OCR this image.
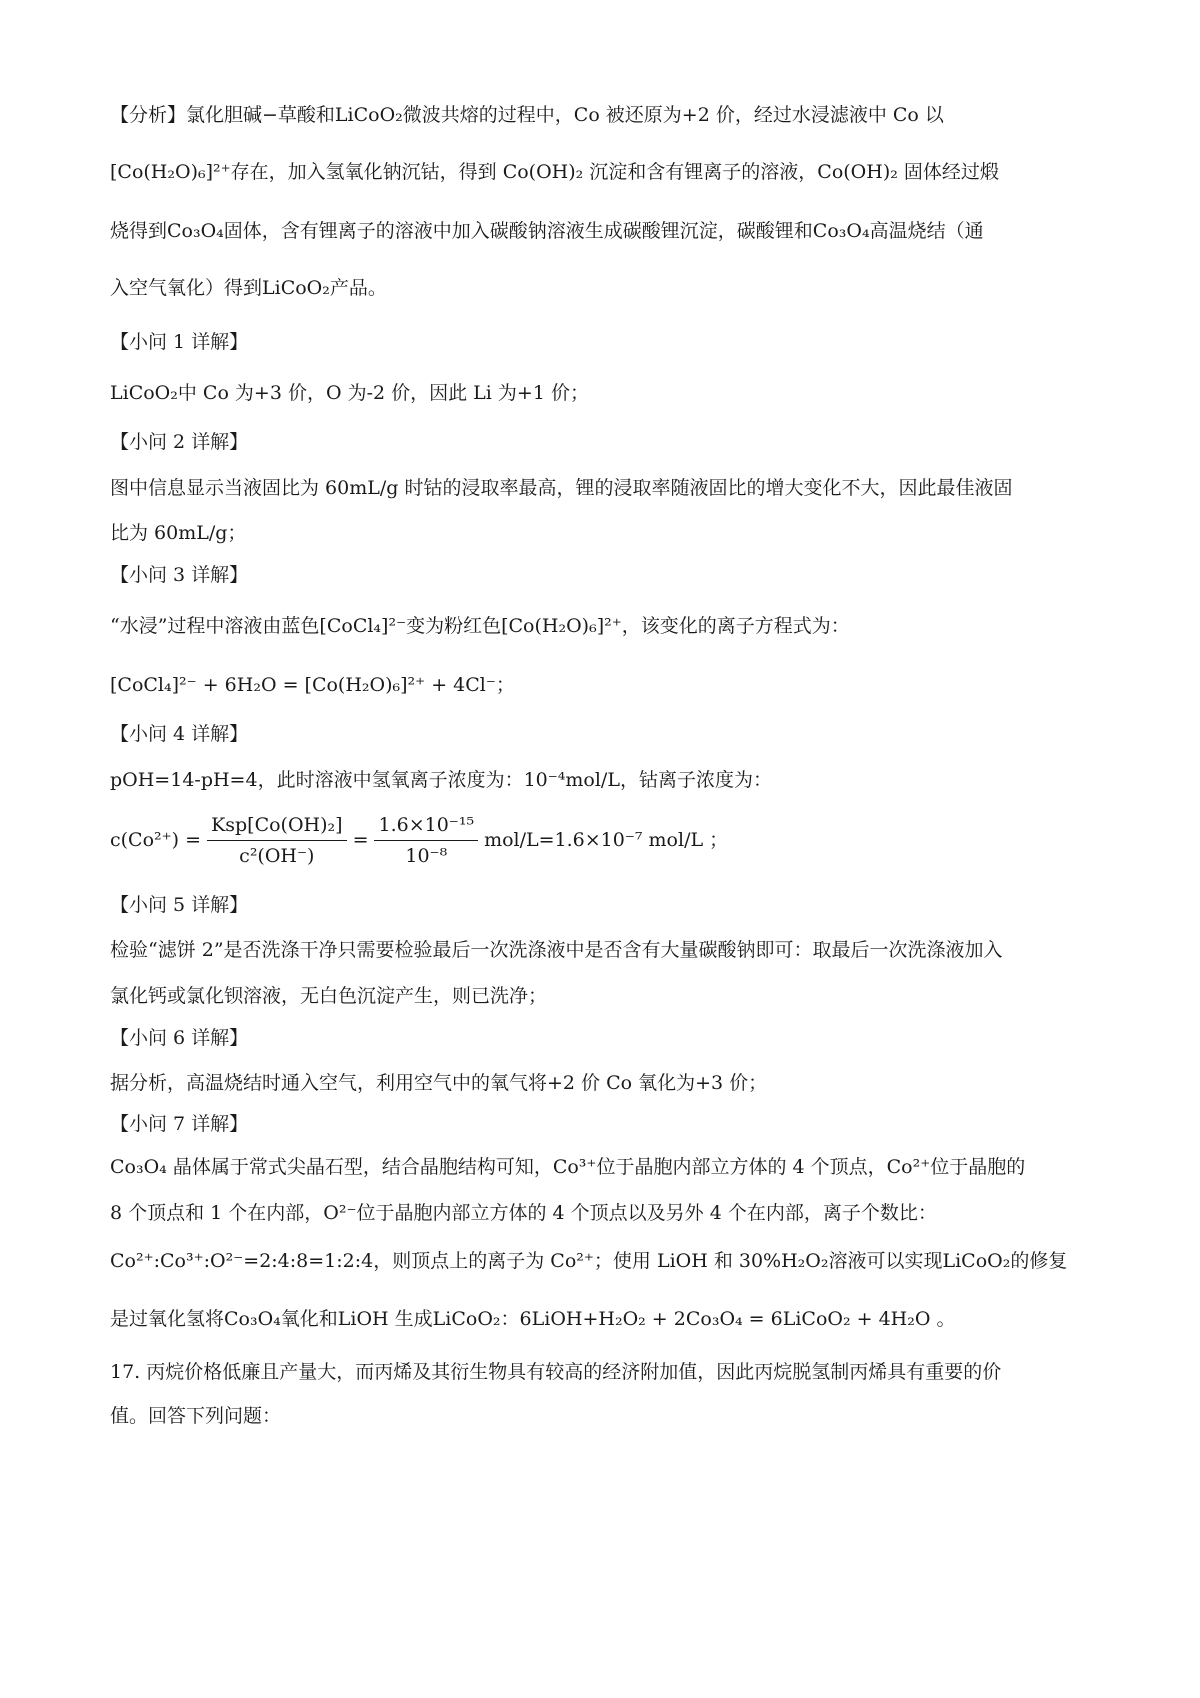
【分析】氯化胆碱−草酸和LiCoO₂微波共熔的过程中，Co 被还原为+2 价，经过水浸滤液中 Co 以
[Co(H₂O)₆]²⁺存在，加入氢氧化钠沉钴，得到 Co(OH)₂ 沉淀和含有锂离子的溶液，Co(OH)₂ 固体经过煅
烧得到Co₃O₄固体，含有锂离子的溶液中加入碳酸钠溶液生成碳酸锂沉淀，碳酸锂和Co₃O₄高温烧结（通
入空气氧化）得到LiCoO₂产品。
【小问 1 详解】
LiCoO₂中 Co 为+3 价，O 为-2 价，因此 Li 为+1 价；
【小问 2 详解】
图中信息显示当液固比为 60mL/g 时钴的浸取率最高，锂的浸取率随液固比的增大变化不大，因此最佳液固
比为 60mL/g；
【小问 3 详解】
“水浸”过程中溶液由蓝色[CoCl₄]²⁻变为粉红色[Co(H₂O)₆]²⁺，该变化的离子方程式为：
[CoCl₄]²⁻ + 6H₂O = [Co(H₂O)₆]²⁺ + 4Cl⁻；
【小问 4 详解】
pOH=14-pH=4，此时溶液中氢氧离子浓度为：10⁻⁴mol/L，钴离子浓度为：
$c(Co^{2+}) = \frac{\text{Ksp[Co(OH)₂]}}{\text{c²(OH⁻)}} = \frac{\text{1.6×10⁻¹⁵}}{\text{10⁻⁸}} mol/L=1.6\times 10^{-7}$ mol/L ；
【小问 5 详解】
检验“滤饼 2”是否洗涤干净只需要检验最后一次洗涤液中是否含有大量碳酸钠即可：取最后一次洗涤液加入
氯化钙或氯化钡溶液，无白色沉淀产生，则已洗净；
【小问 6 详解】
据分析，高温烧结时通入空气，利用空气中的氧气将+2 价 Co 氧化为+3 价；
【小问 7 详解】
Co₃O₄ 晶体属于常式尖晶石型，结合晶胞结构可知，Co³⁺位于晶胞内部立方体的 4 个顶点，Co²⁺位于晶胞的
8 个顶点和 1 个在内部，O²⁻位于晶胞内部立方体的 4 个顶点以及另外 4 个在内部，离子个数比：
Co²⁺:Co³⁺:O²⁻=2:4:8=1:2:4，则顶点上的离子为 Co²⁺；使用 LiOH 和 30%H₂O₂溶液可以实现LiCoO₂的修复
是过氧化氢将Co₃O₄氧化和LiOH 生成LiCoO₂：6LiOH+H₂O₂ + 2Co₃O₄ = 6LiCoO₂ + 4H₂O 。
17. 丙烷价格低廉且产量大，而丙烯及其衍生物具有较高的经济附加值，因此丙烷脱氢制丙烯具有重要的价
值。回答下列问题：
